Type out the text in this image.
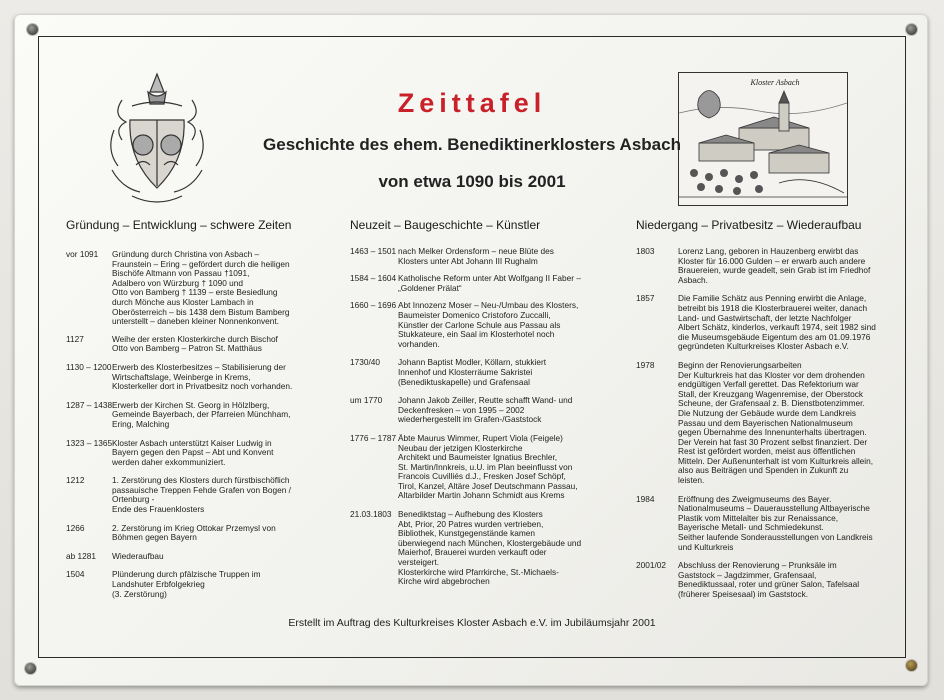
Kloster Asbach
Zeittafel
Geschichte des ehem. Benediktinerklosters Asbach
von etwa 1090 bis 2001
Gründung – Entwicklung – schwere Zeiten	Neuzeit – Baugeschichte – Künstler	Niedergang – Privatbesitz – Wiederaufbau
vor 1091 Gründung durch Christina von Asbach –
Fraunstein – Ering – gefördert durch die heiligen
Bischöfe Altmann von Passau †1091,
Adalbero von Würzburg † 1090 und
Otto von Bamberg † 1139 – erste Besiedlung
durch Mönche aus Kloster Lambach in
Oberösterreich – bis 1438 dem Bistum Bamberg
unterstellt – daneben kleiner Nonnenkonvent.
1127	Weihe der ersten Klosterkirche durch Bischof
Otto von Bamberg – Patron St. Matthäus
1130 – 1200 Erwerb des Klosterbesitzes – Stabilisierung der
Wirtschaftslage, Weinberge in Krems,
Klosterkeller dort in Privatbesitz noch vorhanden.
1287 – 1438 Erwerb der Kirchen St. Georg in Hölzlberg,
Gemeinde Bayerbach, der Pfarreien Münchham,
Ering, Malching
1323 – 1365 Kloster Asbach unterstützt Kaiser Ludwig in
Bayern gegen den Papst – Abt und Konvent
werden daher exkommuniziert.
1212	1. Zerstörung des Klosters durch fürstbischöflich
passauische Treppen Fehde Grafen von Bogen /
Ortenburg -
Ende des Frauenklosters
1266	2. Zerstörung im Krieg Ottokar Przemysl von
Böhmen gegen Bayern
ab 1281 Wiederaufbau
1504	Plünderung durch pfälzische Truppen im
Landshuter Erbfolgekrieg
(3. Zerstörung)
1463 – 1501 nach Melker Ordensform – neue Blüte des
Klosters unter Abt Johann III Rughalm
1584 – 1604 Katholische Reform unter Abt Wolfgang II Faber –
„Goldener Prälat“
1660 – 1696 Abt Innozenz Moser – Neu-/Umbau des Klosters,
Baumeister Domenico Cristoforo Zuccalli,
Künstler der Carlone Schule aus Passau als
Stukkateure, ein Saal im Klosterhotel noch
vorhanden.
1730/40 Johann Baptist Modler, Köllarn, stukkiert
Innenhof und Klosterräume Sakristei
(Benediktuskapelle) und Grafensaal
um 1770 Johann Jakob Zeiller, Reutte schafft Wand- und
Deckenfresken – von 1995 – 2002
wiederhergestellt im Grafen-/Gaststock
1776 – 1787 Äbte Maurus Wimmer, Rupert Viola (Feigele)
Neubau der jetzigen Klosterkirche
Architekt und Baumeister Ignatius Brechler,
St. Martin/Innkreis, u.U. im Plan beeinflusst von
Francois Cuvilliés d.J., Fresken Josef Schöpf,
Tirol, Kanzel, Altäre Josef Deutschmann Passau,
Altarbilder Martin Johann Schmidt aus Krems
21.03.1803 Benediktstag – Aufhebung des Klosters
Abt, Prior, 20 Patres wurden vertrieben,
Bibliothek, Kunstgegenstände kamen
überwiegend nach München, Klostergebäude und
Maierhof, Brauerei wurden verkauft oder
versteigert.
Klosterkirche wird Pfarrkirche, St.-Michaels-
Kirche wird abgebrochen
1803	Lorenz Lang, geboren in Hauzenberg erwirbt das
Kloster für 16.000 Gulden – er erwarb auch andere
Brauereien, wurde geadelt, sein Grab ist im Friedhof
Asbach.
1857	Die Familie Schätz aus Penning erwirbt die Anlage,
betreibt bis 1918 die Klosterbrauerei weiter, danach
Land- und Gastwirtschaft, der letzte Nachfolger
Albert Schätz, kinderlos, verkauft 1974, seit 1982 sind
die Museumsgebäude Eigentum des am 01.09.1976
gegründeten Kulturkreises Kloster Asbach e.V.
1978	Beginn der Renovierungsarbeiten
Der Kulturkreis hat das Kloster vor dem drohenden
endgültigen Verfall gerettet. Das Refektorium war
Stall, der Kreuzgang Wagenremise, der Oberstock
Scheune, der Grafensaal z. B. Dienstbotenzimmer.
Die Nutzung der Gebäude wurde dem Landkreis
Passau und dem Bayerischen Nationalmuseum
gegen Übernahme des Innenunterhalts übertragen.
Der Verein hat fast 30 Prozent selbst finanziert. Der
Rest ist gefördert worden, meist aus öffentlichen
Mitteln. Der Außenunterhalt ist vom Kulturkreis allein,
also aus Beiträgen und Spenden in Zukunft zu
leisten.
1984	Eröffnung des Zweigmuseums des Bayer.
Nationalmuseums – Dauerausstellung Altbayerische
Plastik vom Mittelalter bis zur Renaissance,
Bayerische Metall- und Schmiedekunst.
Seither laufende Sonderausstellungen von Landkreis
und Kulturkreis
2001/02 Abschluss der Renovierung – Prunksäle im
Gaststock – Jagdzimmer, Grafensaal,
Benediktussaal, roter und grüner Salon, Tafelsaal
(früherer Speisesaal) im Gaststock.
Erstellt im Auftrag des Kulturkreises Kloster Asbach e.V. im Jubiläumsjahr 2001
